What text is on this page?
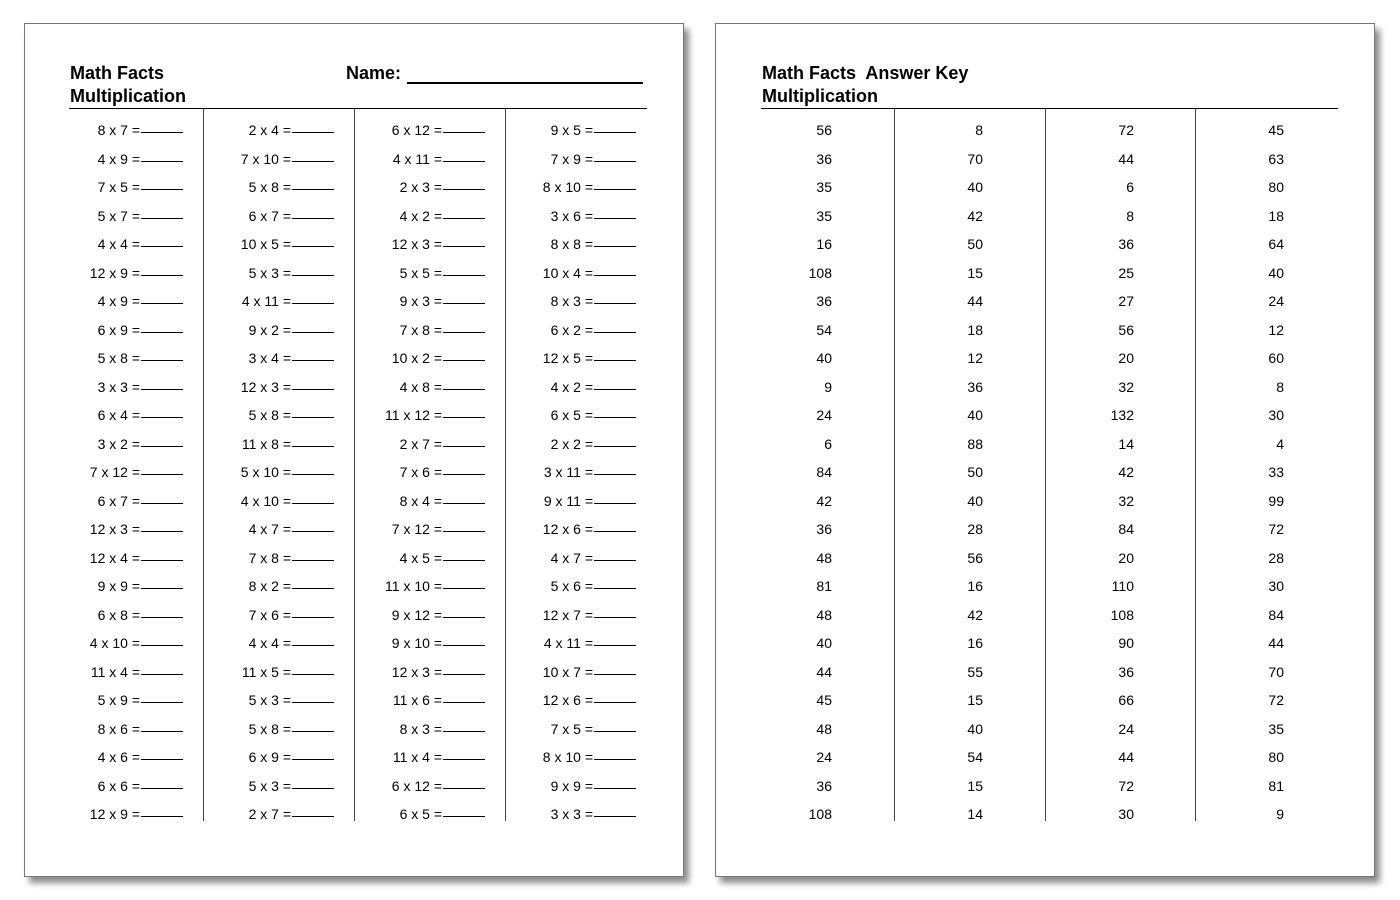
Math Facts
Multiplication
Name:
8 x 7 =
4 x 9 =
7 x 5 =
5 x 7 =
4 x 4 =
12 x 9 =
4 x 9 =
6 x 9 =
5 x 8 =
3 x 3 =
6 x 4 =
3 x 2 =
7 x 12 =
6 x 7 =
12 x 3 =
12 x 4 =
9 x 9 =
6 x 8 =
4 x 10 =
11 x 4 =
5 x 9 =
8 x 6 =
4 x 6 =
6 x 6 =
12 x 9 =
2 x 4 =
7 x 10 =
5 x 8 =
6 x 7 =
10 x 5 =
5 x 3 =
4 x 11 =
9 x 2 =
3 x 4 =
12 x 3 =
5 x 8 =
11 x 8 =
5 x 10 =
4 x 10 =
4 x 7 =
7 x 8 =
8 x 2 =
7 x 6 =
4 x 4 =
11 x 5 =
5 x 3 =
5 x 8 =
6 x 9 =
5 x 3 =
2 x 7 =
6 x 12 =
4 x 11 =
2 x 3 =
4 x 2 =
12 x 3 =
5 x 5 =
9 x 3 =
7 x 8 =
10 x 2 =
4 x 8 =
11 x 12 =
2 x 7 =
7 x 6 =
8 x 4 =
7 x 12 =
4 x 5 =
11 x 10 =
9 x 12 =
9 x 10 =
12 x 3 =
11 x 6 =
8 x 3 =
11 x 4 =
6 x 12 =
6 x 5 =
9 x 5 =
7 x 9 =
8 x 10 =
3 x 6 =
8 x 8 =
10 x 4 =
8 x 3 =
6 x 2 =
12 x 5 =
4 x 2 =
6 x 5 =
2 x 2 =
3 x 11 =
9 x 11 =
12 x 6 =
4 x 7 =
5 x 6 =
12 x 7 =
4 x 11 =
10 x 7 =
12 x 6 =
7 x 5 =
8 x 10 =
9 x 9 =
3 x 3 =
Math Facts  Answer Key
Multiplication
56
36
35
35
16
108
36
54
40
9
24
6
84
42
36
48
81
48
40
44
45
48
24
36
108
8
70
40
42
50
15
44
18
12
36
40
88
50
40
28
56
16
42
16
55
15
40
54
15
14
72
44
6
8
36
25
27
56
20
32
132
14
42
32
84
20
110
108
90
36
66
24
44
72
30
45
63
80
18
64
40
24
12
60
8
30
4
33
99
72
28
30
84
44
70
72
35
80
81
9
